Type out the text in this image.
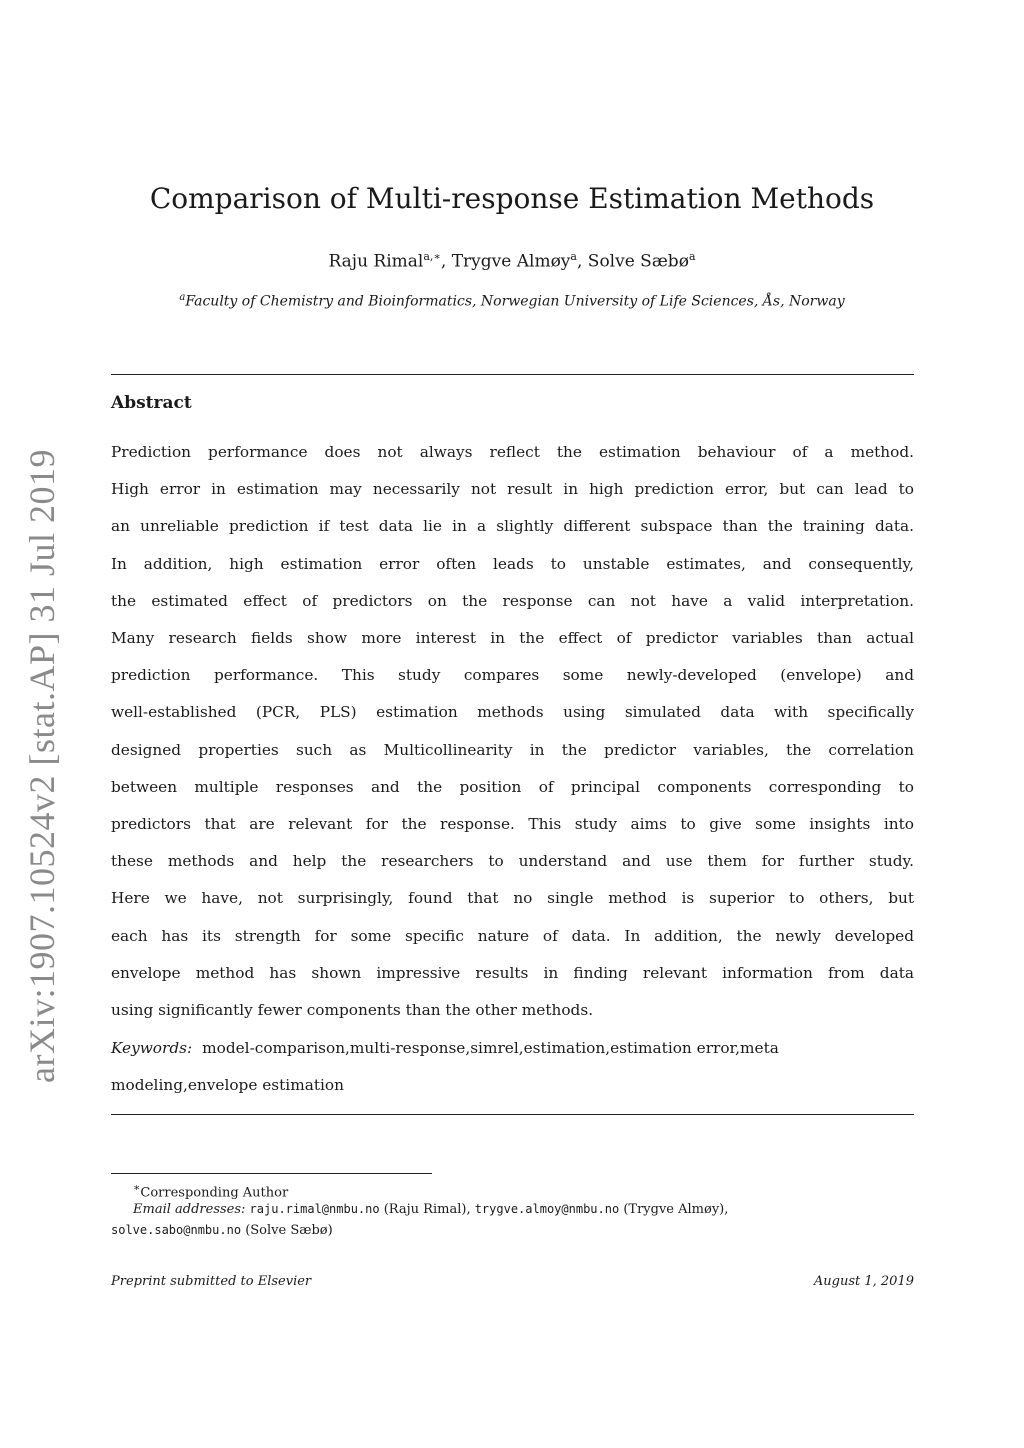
arXiv:1907.10524v2 [stat.AP] 31 Jul 2019
Comparison of Multi-response Estimation Methods
Raju Rimal$^{a,∗}$, Trygve Almøy$^a$, Solve Sæbø$^a$
$^a$Faculty of Chemistry and Bioinformatics, Norwegian University of Life Sciences, Ås, Norway
Abstract
Prediction performance does not always reflect the estimation behaviour of a method.
High error in estimation may necessarily not result in high prediction error, but can lead to
an unreliable prediction if test data lie in a slightly different subspace than the training data.
In addition, high estimation error often leads to unstable estimates, and consequently,
the estimated effect of predictors on the response can not have a valid interpretation.
Many research fields show more interest in the effect of predictor variables than actual
prediction performance. This study compares some newly-developed (envelope) and
well-established (PCR, PLS) estimation methods using simulated data with specifically
designed properties such as Multicollinearity in the predictor variables, the correlation
between multiple responses and the position of principal components corresponding to
predictors that are relevant for the response. This study aims to give some insights into
these methods and help the researchers to understand and use them for further study.
Here we have, not surprisingly, found that no single method is superior to others, but
each has its strength for some specific nature of data. In addition, the newly developed
envelope method has shown impressive results in finding relevant information from data
using significantly fewer components than the other methods.
Keywords: model-comparison,multi-response,simrel,estimation,estimation error,meta modeling,envelope estimation
∗Corresponding Author
Email addresses: raju.rimal@nmbu.no (Raju Rimal), trygve.almoy@nmbu.no (Trygve Almøy),
solve.sabo@nmbu.no (Solve Sæbø)
Preprint submitted to Elsevier	August 1, 2019
